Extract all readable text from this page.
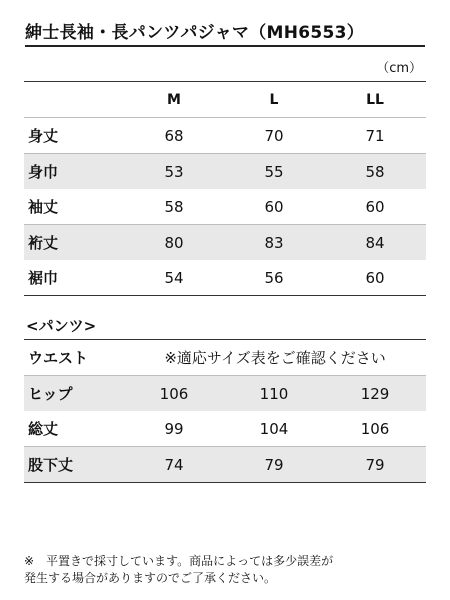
紳士長袖・長パンツパジャマ（MH6553）
（cm）
	M	L	LL
身丈	68	70	71
身巾	53	55	58
袖丈	58	60	60
裄丈	80	83	84
裾巾	54	56	60
<パンツ>
ウエスト	※適応サイズ表をご確認ください		
ヒップ	106	110	129
総丈	99	104	106
股下丈	74	79	79
※　平置きで採寸しています。商品によっては多少誤差が
発生する場合がありますのでご了承ください。
